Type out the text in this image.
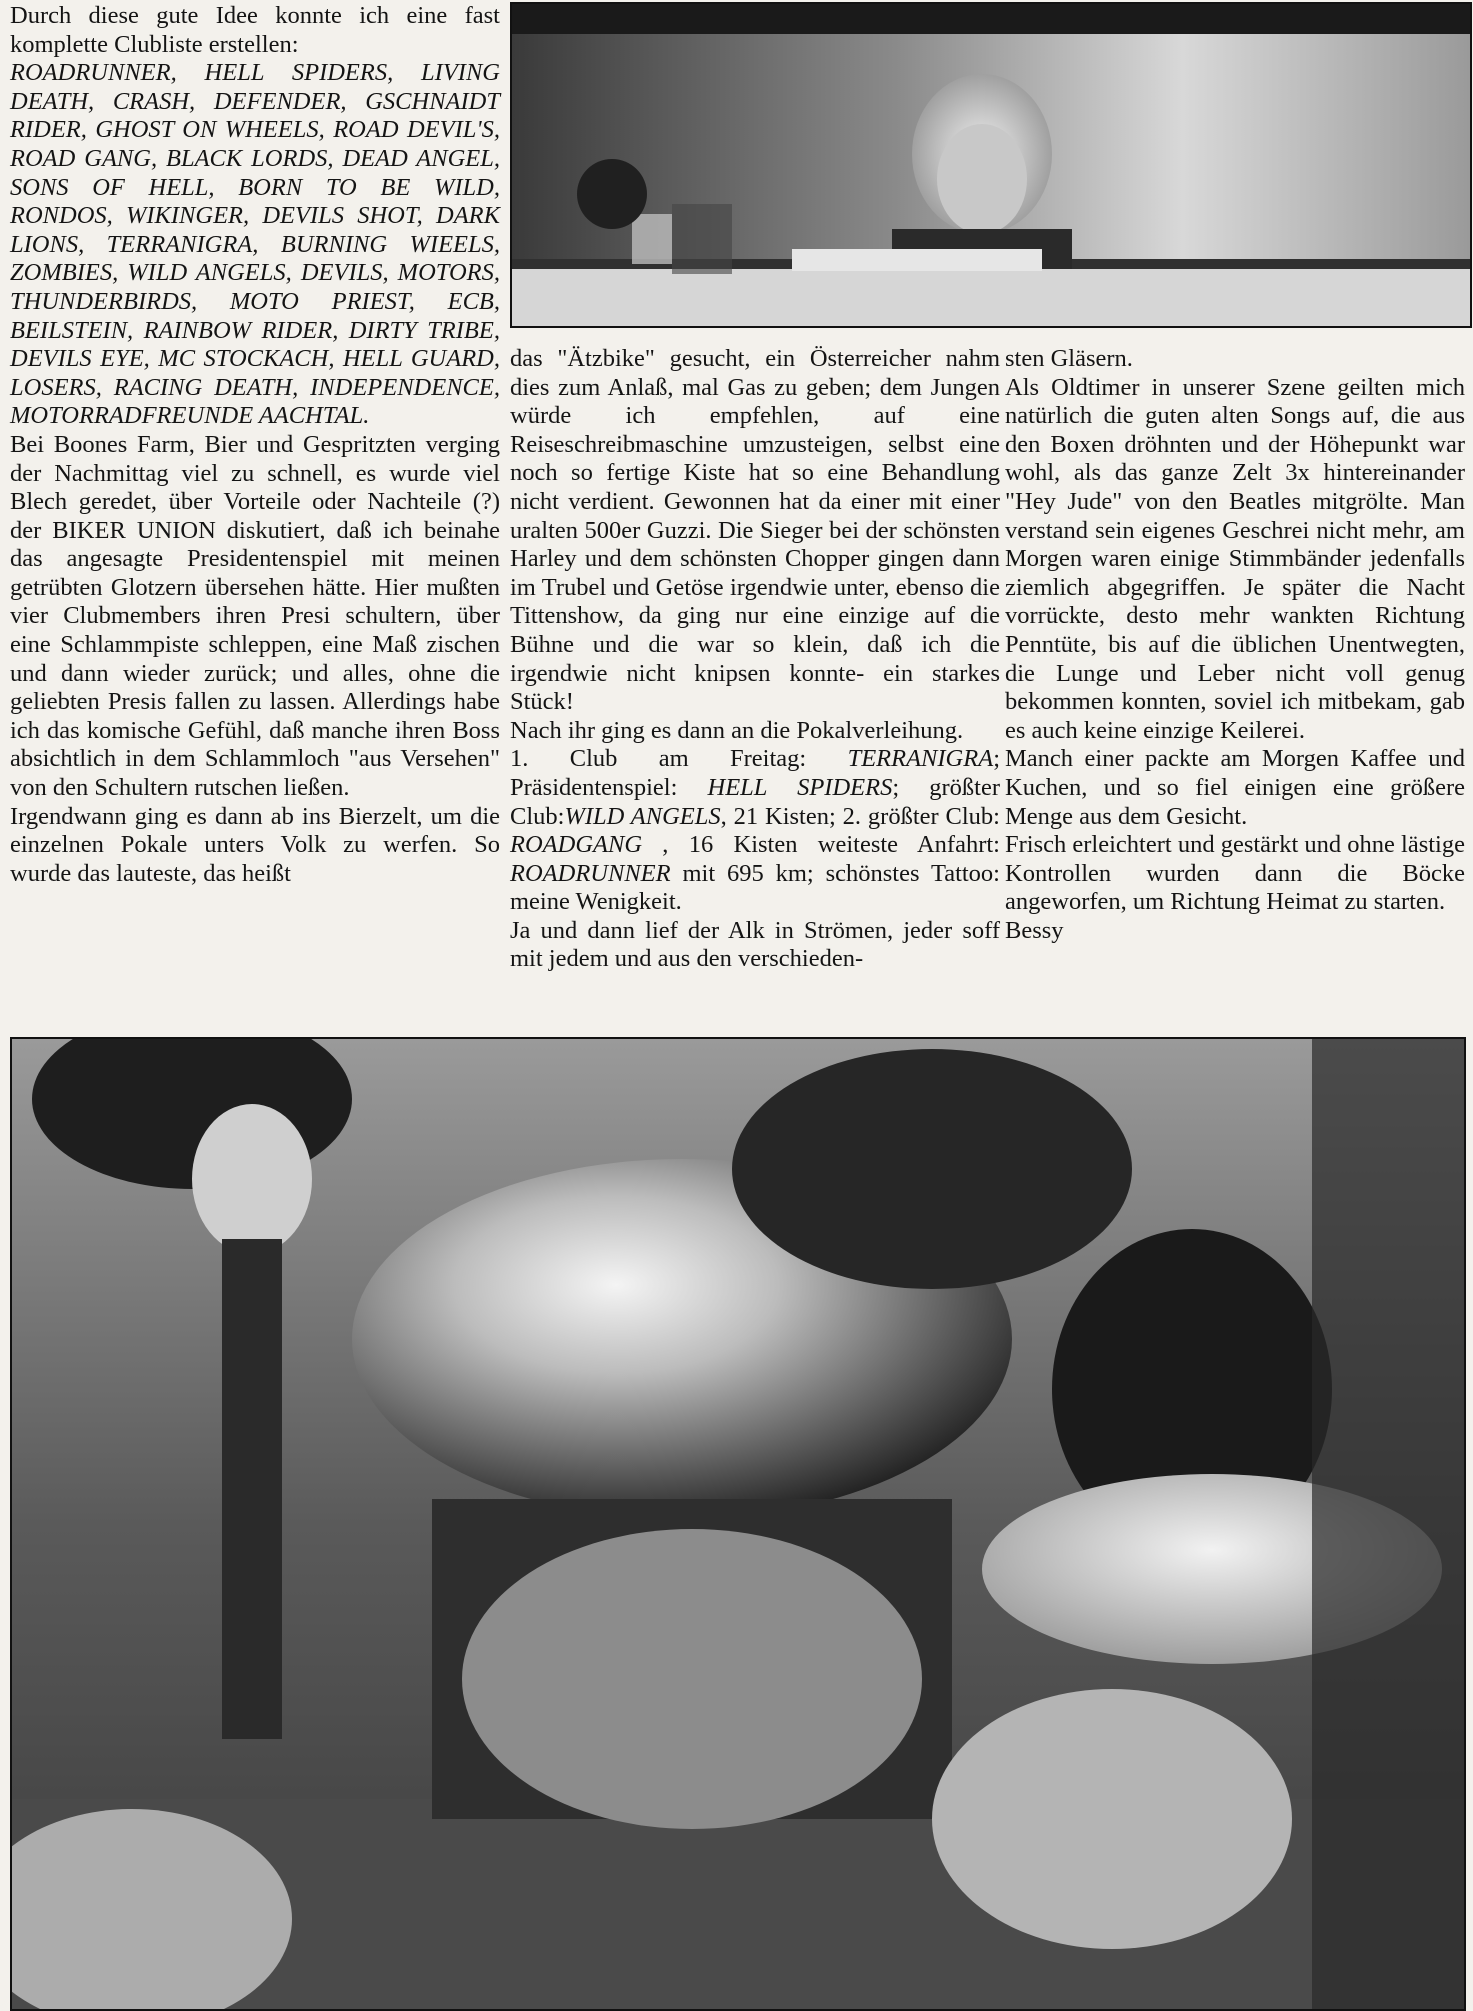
Durch diese gute Idee konnte ich eine fast komplette Clubliste erstellen:

ROADRUNNER, HELL SPIDERS, LIVING DEATH, CRASH, DEFENDER, GSCHNAIDT RIDER, GHOST ON WHEELS, ROAD DEVIL'S, ROAD GANG, BLACK LORDS, DEAD ANGEL, SONS OF HELL, BORN TO BE WILD, RONDOS, WIKINGER, DEVILS SHOT, DARK LIONS, TERRANIGRA, BURNING WIEELS, ZOMBIES, WILD ANGELS, DEVILS, MOTORS, THUNDERBIRDS, MOTO PRIEST, ECB, BEILSTEIN, RAINBOW RIDER, DIRTY TRIBE, DEVILS EYE, MC STOCKACH, HELL GUARD, LOSERS, RACING DEATH, INDEPENDENCE, MOTORRADFREUNDE AACHTAL.

Bei Boones Farm, Bier und Gespritzten verging der Nachmittag viel zu schnell, es wurde viel Blech geredet, über Vorteile oder Nachteile (?) der BIKER UNION diskutiert, daß ich beinahe das angesagte Presidentenspiel mit meinen getrübten Glotzern übersehen hätte. Hier mußten vier Clubmembers ihren Presi schultern, über eine Schlammpiste schleppen, eine Maß zischen und dann wieder zurück; und alles, ohne die geliebten Presis fallen zu lassen. Allerdings habe ich das komische Gefühl, daß manche ihren Boss absichtlich in dem Schlammloch "aus Versehen" von den Schultern rutschen ließen.

Irgendwann ging es dann ab ins Bierzelt, um die einzelnen Pokale unters Volk zu werfen. So wurde das lauteste, das heißt

das "Ätzbike" gesucht, ein Österreicher nahm dies zum Anlaß, mal Gas zu geben; dem Jungen würde ich empfehlen, auf eine Reiseschreibmaschine umzusteigen, selbst eine noch so fertige Kiste hat so eine Behandlung nicht verdient. Gewonnen hat da einer mit einer uralten 500er Guzzi. Die Sieger bei der schönsten Harley und dem schönsten Chopper gingen dann im Trubel und Getöse irgendwie unter, ebenso die Tittenshow, da ging nur eine einzige auf die Bühne und die war so klein, daß ich die irgendwie nicht knipsen konnte- ein starkes Stück!

Nach ihr ging es dann an die Pokalverleihung.

1. Club am Freitag: TERRANIGRA; Präsidentenspiel: HELL SPIDERS; größter Club:WILD ANGELS, 21 Kisten; 2. größter Club: ROADGANG , 16 Kisten weiteste Anfahrt: ROADRUNNER mit 695 km; schönstes Tattoo: meine Wenigkeit.

Ja und dann lief der Alk in Strömen, jeder soff mit jedem und aus den verschieden-

sten Gläsern.

Als Oldtimer in unserer Szene geilten mich natürlich die guten alten Songs auf, die aus den Boxen dröhnten und der Höhepunkt war wohl, als das ganze Zelt 3x hintereinander "Hey Jude" von den Beatles mitgrölte. Man verstand sein eigenes Geschrei nicht mehr, am Morgen waren einige Stimmbänder jedenfalls ziemlich abgegriffen. Je später die Nacht vorrückte, desto mehr wankten Richtung Penntüte, bis auf die üblichen Unentwegten, die Lunge und Leber nicht voll genug bekommen konnten, soviel ich mitbekam, gab es auch keine einzige Keilerei.

Manch einer packte am Morgen Kaffee und Kuchen, und so fiel einigen eine größere Menge aus dem Gesicht.

Frisch erleichtert und gestärkt und ohne lästige Kontrollen wurden dann die Böcke angeworfen, um Richtung Heimat zu starten.

Bessy
